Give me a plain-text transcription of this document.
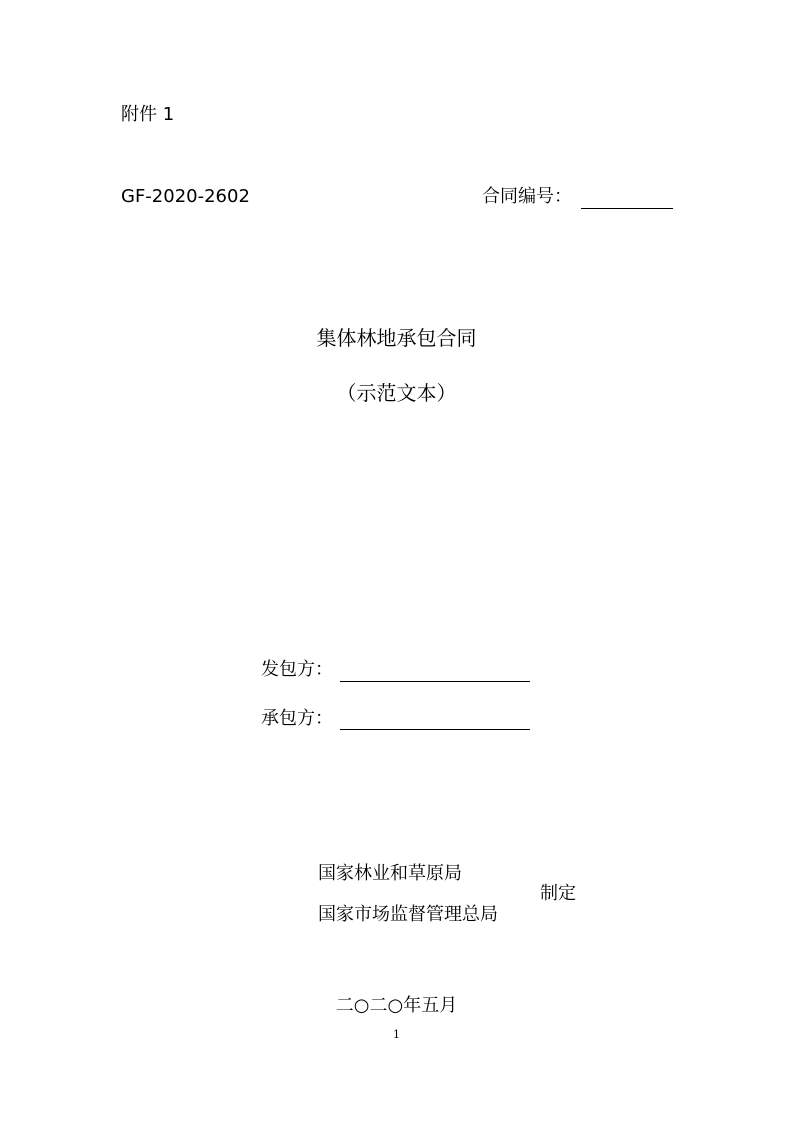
附件 1
GF-2020-2602	合同编号：
集体林地承包合同
（示范文本）
发包方：
承包方：
国家林业和草原局
国家市场监督管理总局
制定
二○二○年五月
1
